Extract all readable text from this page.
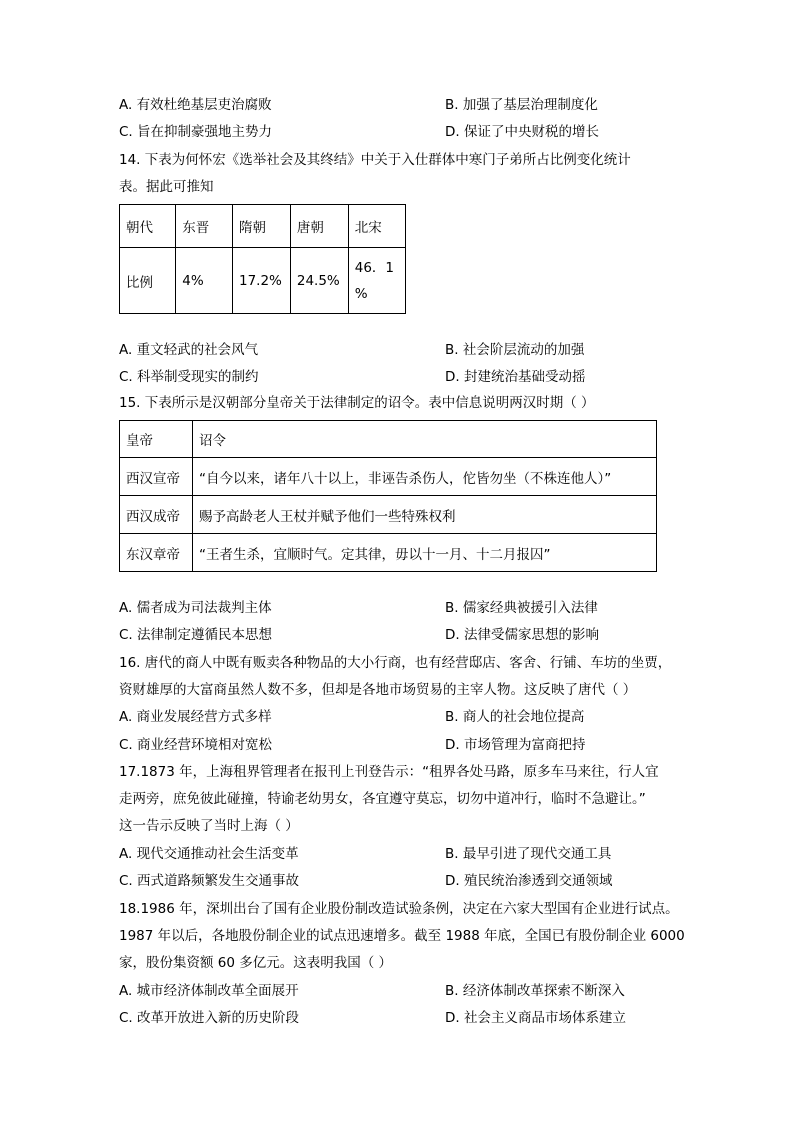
A. 有效杜绝基层吏治腐败	B. 加强了基层治理制度化
C. 旨在抑制豪强地主势力	D. 保证了中央财税的增长
14. 下表为何怀宏《选举社会及其终结》中关于入仕群体中寒门子弟所占比例变化统计
表。据此可推知
朝代	东晋	隋朝	唐朝	北宋
比例	4%	17.2%	24.5%	46．1
%
A. 重文轻武的社会风气	B. 社会阶层流动的加强
C. 科举制受现实的制约	D. 封建统治基础受动摇
15. 下表所示是汉朝部分皇帝关于法律制定的诏令。表中信息说明两汉时期（ ）
皇帝	诏令
西汉宣帝	“自今以来，诸年八十以上，非诬告杀伤人，佗皆勿坐（不株连他人）”
西汉成帝	赐予高龄老人王杖并赋予他们一些特殊权利
东汉章帝	“王者生杀，宜顺时气。定其律，毋以十一月、十二月报囚”
A. 儒者成为司法裁判主体	B. 儒家经典被援引入法律
C. 法律制定遵循民本思想	D. 法律受儒家思想的影响
16. 唐代的商人中既有贩卖各种物品的大小行商，也有经营邸店、客舍、行铺、车坊的坐贾，
资财雄厚的大富商虽然人数不多，但却是各地市场贸易的主宰人物。这反映了唐代（ ）
A. 商业发展经营方式多样	B. 商人的社会地位提高
C. 商业经营环境相对宽松	D. 市场管理为富商把持
17.1873 年，上海租界管理者在报刊上刊登告示：“租界各处马路，原多车马来往，行人宜
走两旁，庶免彼此碰撞，特谕老幼男女，各宜遵守莫忘，切勿中道冲行，临时不急避让。”
这一告示反映了当时上海（ ）
A. 现代交通推动社会生活变革	B. 最早引进了现代交通工具
C. 西式道路频繁发生交通事故	D. 殖民统治渗透到交通领域
18.1986 年，深圳出台了国有企业股份制改造试验条例，决定在六家大型国有企业进行试点。
1987 年以后，各地股份制企业的试点迅速增多。截至 1988 年底，全国已有股份制企业 6000
家，股份集资额 60 多亿元。这表明我国（ ）
A. 城市经济体制改革全面展开	B. 经济体制改革探索不断深入
C. 改革开放进入新的历史阶段	D. 社会主义商品市场体系建立
